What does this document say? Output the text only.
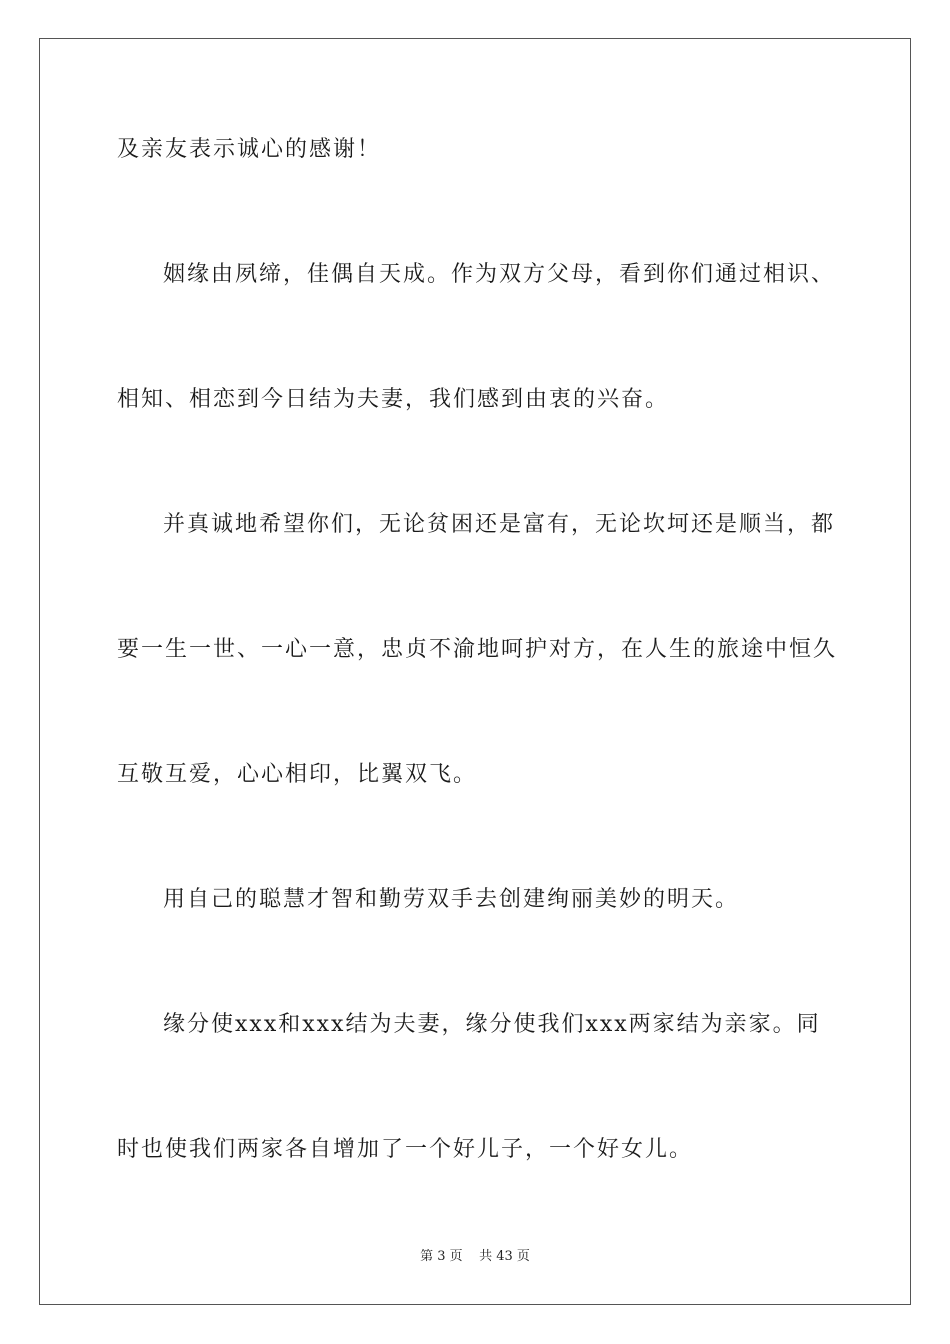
及亲友表示诚心的感谢！
姻缘由夙缔，佳偶自天成。作为双方父母，看到你们通过相识、
相知、相恋到今日结为夫妻，我们感到由衷的兴奋。
并真诚地希望你们，无论贫困还是富有，无论坎坷还是顺当，都
要一生一世、一心一意，忠贞不渝地呵护对方，在人生的旅途中恒久
互敬互爱，心心相印，比翼双飞。
用自己的聪慧才智和勤劳双手去创建绚丽美妙的明天。
缘分使xxx和xxx结为夫妻，缘分使我们xxx两家结为亲家。同
时也使我们两家各自增加了一个好儿子，一个好女儿。
第 3 页    共 43 页
